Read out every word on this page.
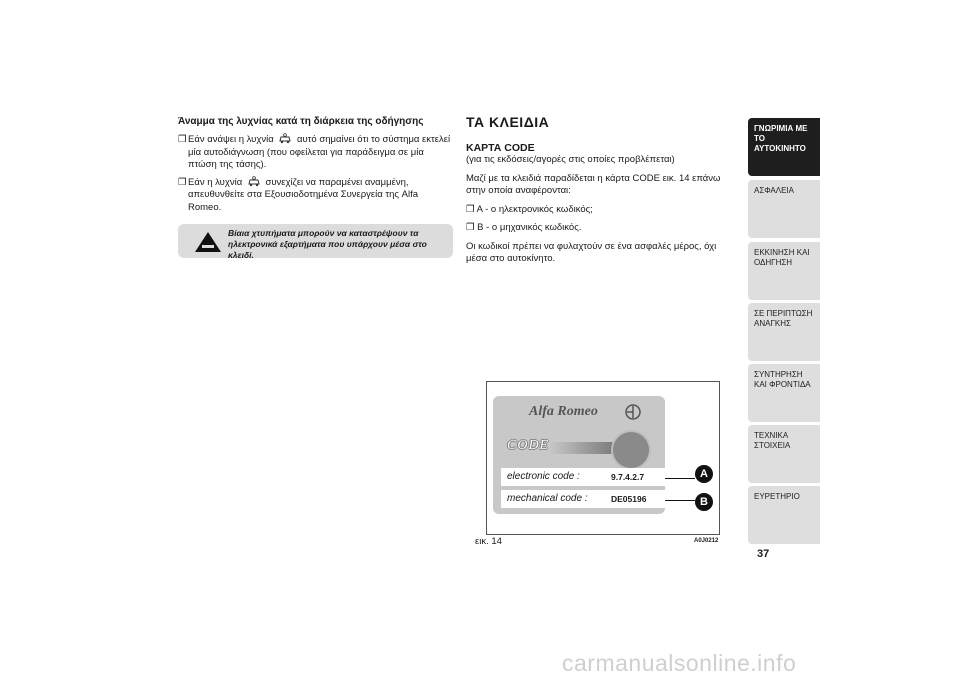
Άναμμα της λυχνίας κατά τη διάρκεια της οδήγησης
❒Εάν ανάψει η λυχνία αυτό σημαίνει ότι το σύστημα εκτελεί μία αυτοδιάγνωση (που οφείλεται για παράδειγμα σε μία πτώση της τάσης).
❒Εάν η λυχνία συνεχίζει να παραμένει αναμμένη, απευθυνθείτε στα Εξουσιοδοτημένα Συνεργεία της Alfa Romeo.
Βίαια χτυπήματα μπορούν να καταστρέψουν τα ηλεκτρονικά εξαρτήματα που υπάρχουν μέσα στο κλειδί.
ΤΑ ΚΛΕΙΔΙΑ
ΚΑΡΤΑ CODE
(για τις εκδόσεις/αγορές στις οποίες προβλέπεται)
Μαζί με τα κλειδιά παραδίδεται η κάρτα CODE εικ. 14 επάνω στην οποία αναφέρονται:
❒ A - ο ηλεκτρονικός κωδικός;
❒ B - ο μηχανικός κωδικός.
Οι κωδικοί πρέπει να φυλαχτούν σε ένα ασφαλές μέρος, όχι μέσα στο αυτοκίνητο.
Alfa Romeo
CODE
electronic code :	9.7.4.2.7
mechanical code :	DE05196
A
B
εικ. 14	A0J0212
ΓΝΩΡΙΜΙΑ ΜΕ ΤΟ ΑΥΤΟΚΙΝΗΤΟ
ΑΣΦΑΛΕΙΑ
ΕΚΚΙΝΗΣΗ ΚΑΙ ΟΔΗΓΗΣΗ
ΣΕ ΠΕΡΙΠΤΩΣΗ ΑΝΑΓΚΗΣ
ΣΥΝΤΗΡΗΣΗ ΚΑΙ ΦΡΟΝΤΙΔΑ
ΤΕΧΝΙΚΑ ΣΤΟΙΧΕΙΑ
ΕΥΡΕΤΗΡΙΟ
37
carmanualsonline.info
